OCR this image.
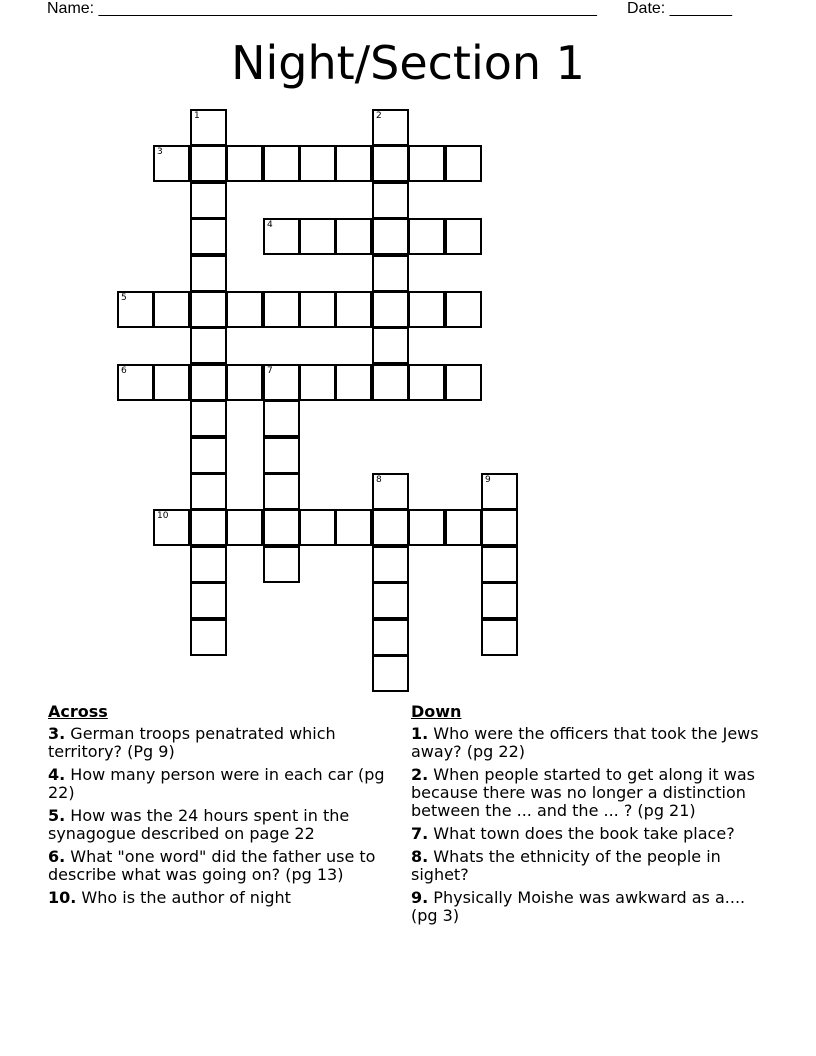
Name: ________________________________________________________ Date: _______
Night/Section 1
1	2
3
4
5
6	7
8	9
10
Across
3. German troops penatrated which territory? (Pg 9)
4. How many person were in each car (pg 22)
5. How was the 24 hours spent in the synagogue described on page 22
6. What "one word" did the father use to describe what was going on? (pg 13)
10. Who is the author of night
Down
1. Who were the officers that took the Jews away? (pg 22)
2. When people started to get along it was because there was no longer a distinction between the ... and the ... ? (pg 21)
7. What town does the book take place?
8. Whats the ethnicity of the people in sighet?
9. Physically Moishe was awkward as a.... (pg 3)
